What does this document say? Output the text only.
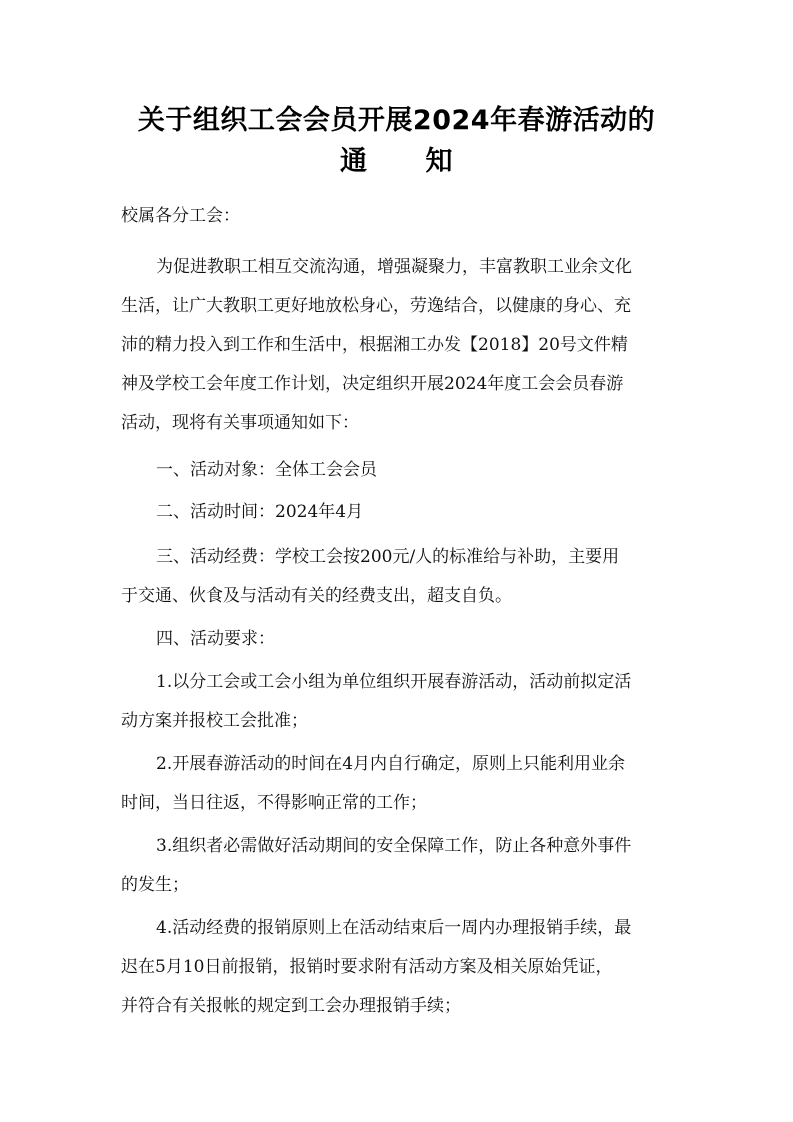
关于组织工会会员开展2024年春游活动的
通 知
校属各分工会：
为促进教职工相互交流沟通，增强凝聚力，丰富教职工业余文化
生活，让广大教职工更好地放松身心，劳逸结合，以健康的身心、充
沛的精力投入到工作和生活中，根据湘工办发【2018】20号文件精
神及学校工会年度工作计划，决定组织开展2024年度工会会员春游
活动，现将有关事项通知如下：
一、活动对象：全体工会会员
二、活动时间：2024年4月
三、活动经费：学校工会按200元/人的标准给与补助，主要用
于交通、伙食及与活动有关的经费支出，超支自负。
四、活动要求：
1.以分工会或工会小组为单位组织开展春游活动，活动前拟定活
动方案并报校工会批准；
2.开展春游活动的时间在4月内自行确定，原则上只能利用业余
时间，当日往返，不得影响正常的工作；
3.组织者必需做好活动期间的安全保障工作，防止各种意外事件
的发生；
4.活动经费的报销原则上在活动结束后一周内办理报销手续，最
迟在5月10日前报销，报销时要求附有活动方案及相关原始凭证，
并符合有关报帐的规定到工会办理报销手续；
